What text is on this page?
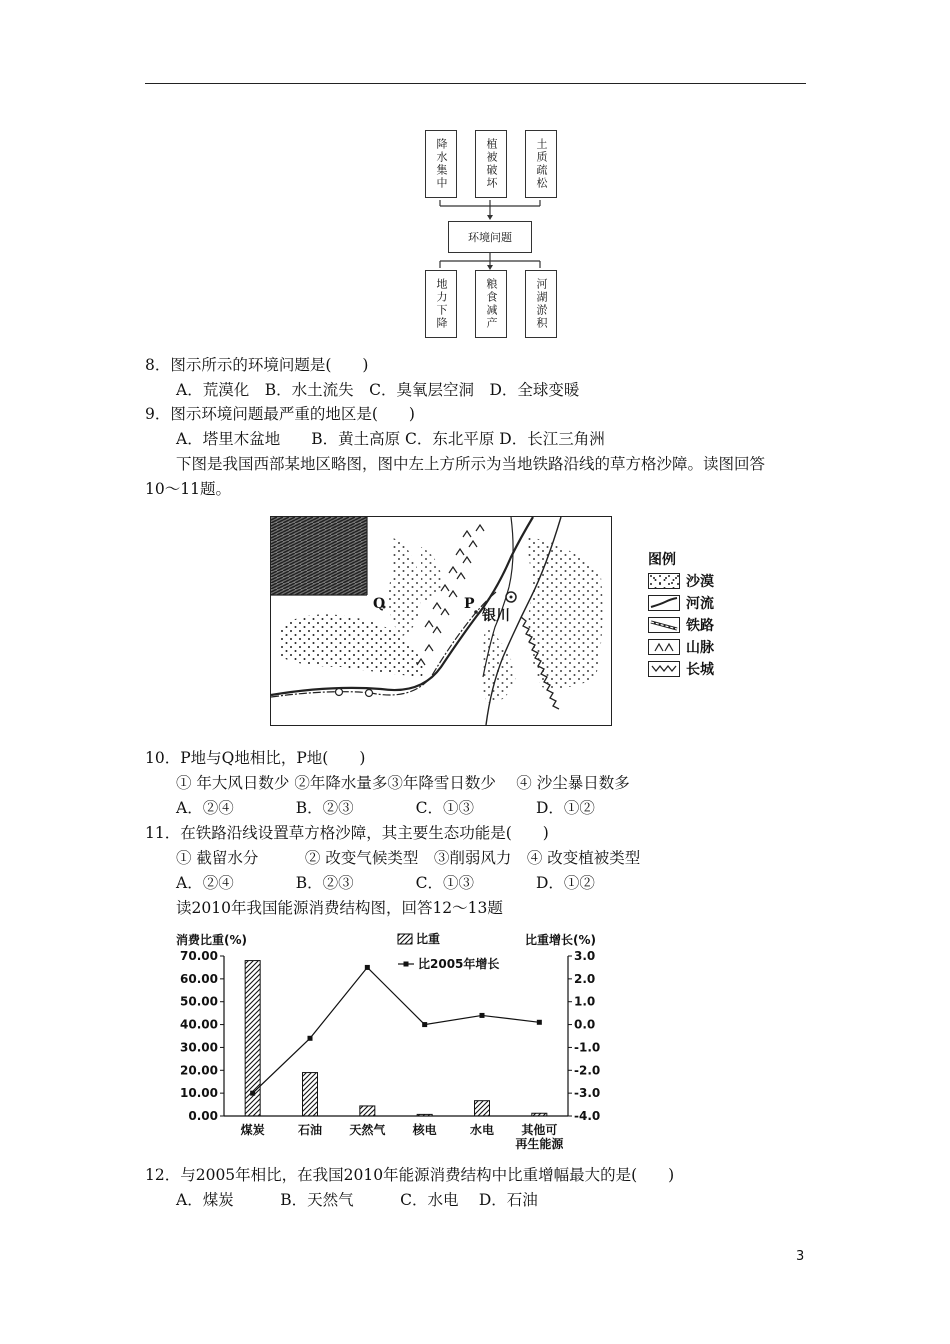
降水集中	植被破坏	土质疏松
环境问题
地力下降	粮食减产	河湖淤积
8．图示所示的环境问题是(　　)
A．荒漠化　B．水土流失　C．臭氧层空洞　D．全球变暖
9．图示环境问题最严重的地区是(　　)
A．塔里木盆地　　B．黄土高原 C．东北平原 D．长江三角洲
下图是我国西部某地区略图，图中左上方所示为当地铁路沿线的草方格沙障。读图回答
10～11题。
Q	P
银川
图例
沙漠
河流
铁路
山脉
长城
10．P地与Q地相比，P地(　　)
① 年大风日数少 ②年降水量多③年降雪日数少　 ④ 沙尘暴日数多
A．②④　　　　B．②③　　　　C．①③　　　　D．①②
11．在铁路沿线设置草方格沙障，其主要生态功能是(　　)
① 截留水分　　　② 改变气候类型　③削弱风力　④ 改变植被类型
A．②④　　　　B．②③　　　　C．①③　　　　D．①②
读2010年我国能源消费结构图，回答12～13题
70.00
60.00
50.00
40.00
30.00
20.00
10.00
0.00
3.0
2.0
1.0
0.0
-1.0
-2.0
-3.0
-4.0
消费比重(%)	比重增长(%)
煤炭	石油 天然气 核电	水电 其他可
再生能源
比重
比2005年增长
12．与2005年相比，在我国2010年能源消费结构中比重增幅最大的是(　　)
A．煤炭　　　B．天然气　　　C．水电　 D．石油
3
